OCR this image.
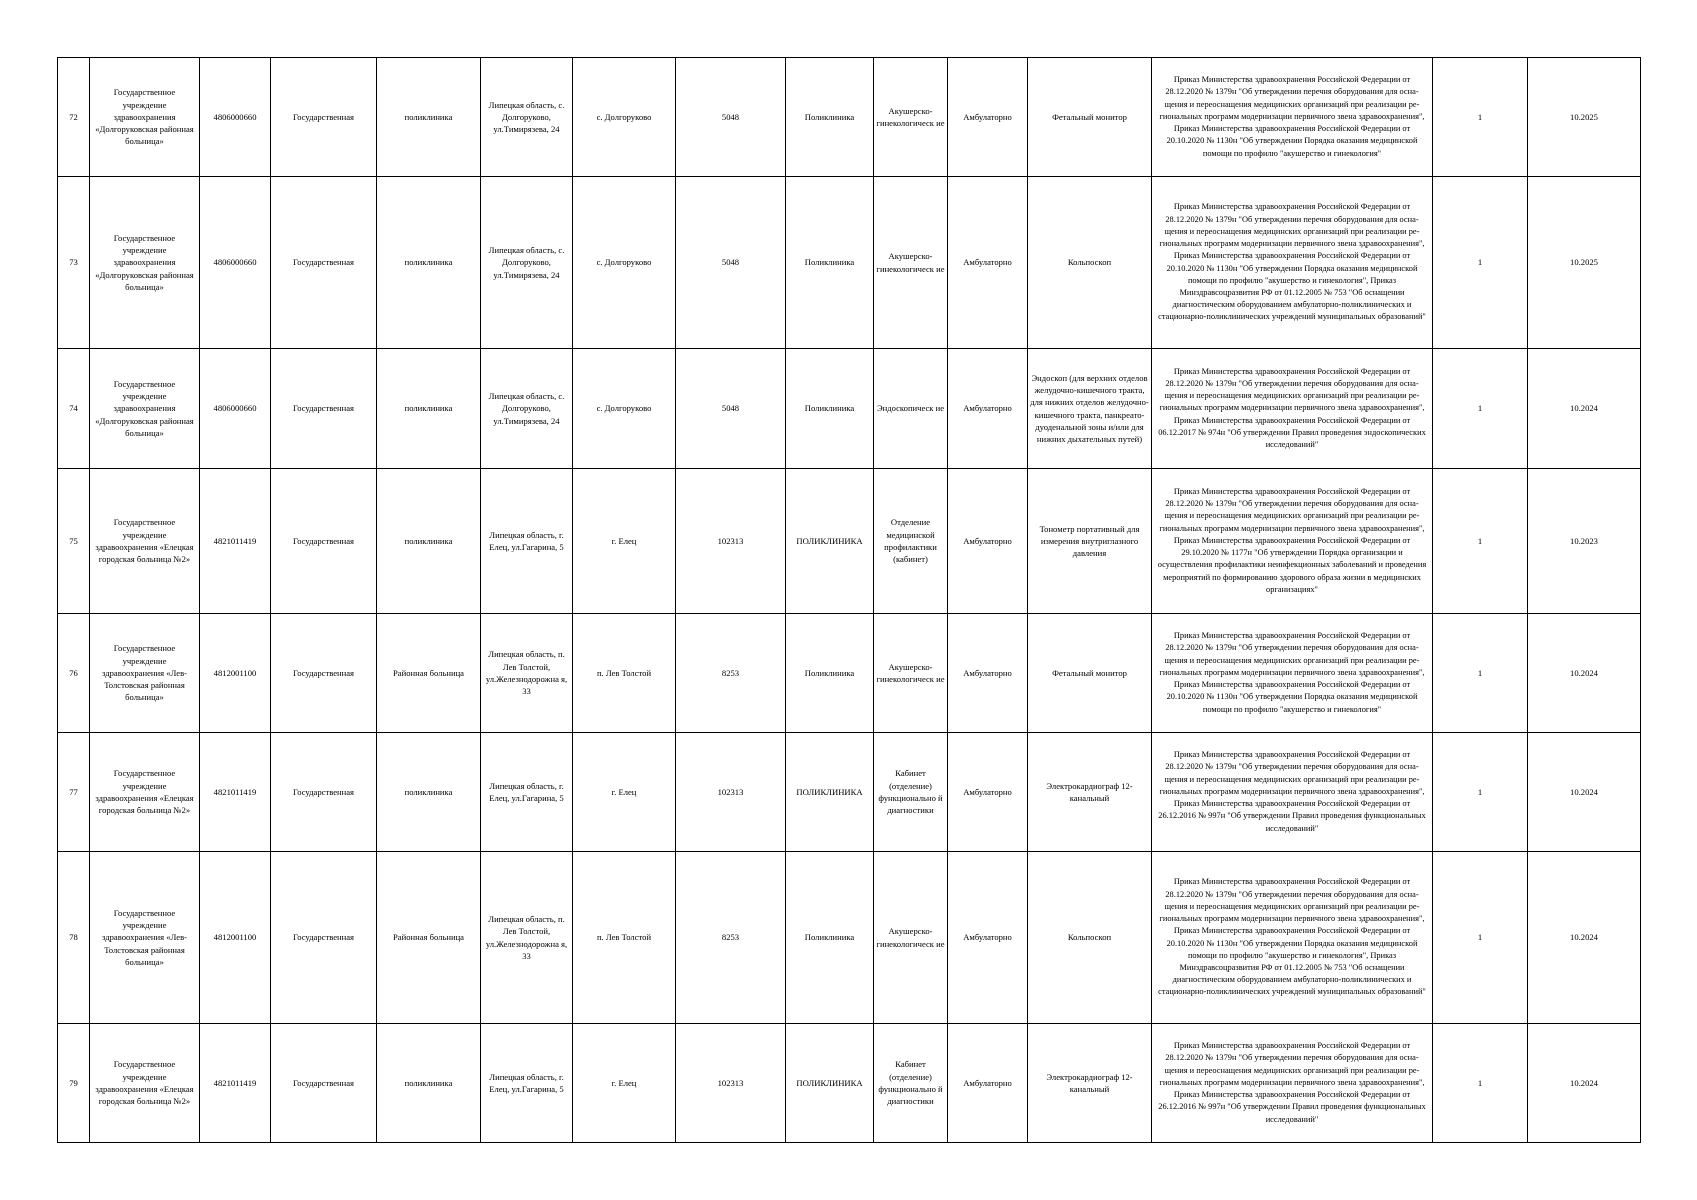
72	Государственное учреждение здравоохранения «Долгоруковская районная больница»	4806000660	Государственная	поликлиника	Липецкая область, с. Долгоруково, ул.Тимирязева, 24	с. Долгоруково	5048	Поликлиника	Акушерско-гинекологическ ие	Амбулаторно	Фетальный монитор	Приказ Министерства здравоохранения Российской Федерации от 28.12.2020 № 1379н "Об утверждении перечня оборудования для осна-щения и переоснащения медицинских организаций при реализации ре-гиональных программ модернизации первичного звена здравоохранения", Приказ Министерства здравоохранения Российской Федерации от 20.10.2020 № 1130н "Об утверждении Порядка оказания медицинской помощи по профилю "акушерство и гинекология"	1	10.2025
73	Государственное учреждение здравоохранения «Долгоруковская районная больница»	4806000660	Государственная	поликлиника	Липецкая область, с. Долгоруково, ул.Тимирязева, 24	с. Долгоруково	5048	Поликлиника	Акушерско-гинекологическ ие	Амбулаторно	Кольпоскоп	Приказ Министерства здравоохранения Российской Федерации от 28.12.2020 № 1379н "Об утверждении перечня оборудования для осна-щения и переоснащения медицинских организаций при реализации ре-гиональных программ модернизации первичного звена здравоохранения", Приказ Министерства здравоохранения Российской Федерации от 20.10.2020 № 1130н "Об утверждении Порядка оказания медицинской помощи по профилю "акушерство и гинекология", Приказ Минздравсоцразвития РФ от 01.12.2005 № 753 "Об оснащении диагностическим оборудованием амбулаторно-поликлинических и стационарно-поликлинических учреждений муниципальных образований"	1	10.2025
74	Государственное учреждение здравоохранения «Долгоруковская районная больница»	4806000660	Государственная	поликлиника	Липецкая область, с. Долгоруково, ул.Тимирязева, 24	с. Долгоруково	5048	Поликлиника	Эндоскопическ ие	Амбулаторно	Эндоскоп (для верхних отделов желудочно-кишечного тракта, для нижних отделов желудочно-кишечного тракта, панкреато-дуоденальной зоны и/или для нижних дыхательных путей)	Приказ Министерства здравоохранения Российской Федерации от 28.12.2020 № 1379н "Об утверждении перечня оборудования для осна-щения и переоснащения медицинских организаций при реализации ре-гиональных программ модернизации первичного звена здравоохранения", Приказ Министерства здравоохранения Российской Федерации от 06.12.2017 № 974н "Об утверждении Правил проведения эндоскопических исследований"	1	10.2024
75	Государственное учреждение здравоохранения «Елецкая городская больница №2»	4821011419	Государственная	поликлиника	Липецкая область, г. Елец, ул.Гагарина, 5	г. Елец	102313	ПОЛИКЛИНИКА	Отделение медицинской профилактики (кабинет)	Амбулаторно	Тонометр портативный для измерения внутриглазного давления	Приказ Министерства здравоохранения Российской Федерации от 28.12.2020 № 1379н "Об утверждении перечня оборудования для осна-щения и переоснащения медицинских организаций при реализации ре-гиональных программ модернизации первичного звена здравоохранения", Приказ Министерства здравоохранения Российской Федерации от 29.10.2020 № 1177н "Об утверждении Порядка организации и осуществления профилактики неинфекционных заболеваний и проведения мероприятий по формированию здорового образа жизни в медицинских организациях"	1	10.2023
76	Государственное учреждение здравоохранения «Лев-Толстовская районная больница»	4812001100	Государственная	Районная больница	Липецкая область, п. Лев Толстой, ул.Железнодорожна я, 33	п. Лев Толстой	8253	Поликлиника	Акушерско-гинекологическ ие	Амбулаторно	Фетальный монитор	Приказ Министерства здравоохранения Российской Федерации от 28.12.2020 № 1379н "Об утверждении перечня оборудования для осна-щения и переоснащения медицинских организаций при реализации ре-гиональных программ модернизации первичного звена здравоохранения", Приказ Министерства здравоохранения Российской Федерации от 20.10.2020 № 1130н "Об утверждении Порядка оказания медицинской помощи по профилю "акушерство и гинекология"	1	10.2024
77	Государственное учреждение здравоохранения «Елецкая городская больница №2»	4821011419	Государственная	поликлиника	Липецкая область, г. Елец, ул.Гагарина, 5	г. Елец	102313	ПОЛИКЛИНИКА	Кабинет (отделение) функционально й диагностики	Амбулаторно	Электрокардиограф 12-канальный	Приказ Министерства здравоохранения Российской Федерации от 28.12.2020 № 1379н "Об утверждении перечня оборудования для осна-щения и переоснащения медицинских организаций при реализации ре-гиональных программ модернизации первичного звена здравоохранения", Приказ Министерства здравоохранения Российской Федерации от 26.12.2016 № 997н "Об утверждении Правил проведения функциональных исследований"	1	10.2024
78	Государственное учреждение здравоохранения «Лев-Толстовская районная больница»	4812001100	Государственная	Районная больница	Липецкая область, п. Лев Толстой, ул.Железнодорожна я, 33	п. Лев Толстой	8253	Поликлиника	Акушерско-гинекологическ ие	Амбулаторно	Кольпоскоп	Приказ Министерства здравоохранения Российской Федерации от 28.12.2020 № 1379н "Об утверждении перечня оборудования для осна-щения и переоснащения медицинских организаций при реализации ре-гиональных программ модернизации первичного звена здравоохранения", Приказ Министерства здравоохранения Российской Федерации от 20.10.2020 № 1130н "Об утверждении Порядка оказания медицинской помощи по профилю "акушерство и гинекология", Приказ Минздравсоцразвития РФ от 01.12.2005 № 753 "Об оснащении диагностическим оборудованием амбулаторно-поликлинических и стационарно-поликлинических учреждений муниципальных образований"	1	10.2024
79	Государственное учреждение здравоохранения «Елецкая городская больница №2»	4821011419	Государственная	поликлиника	Липецкая область, г. Елец, ул.Гагарина, 5	г. Елец	102313	ПОЛИКЛИНИКА	Кабинет (отделение) функционально й диагностики	Амбулаторно	Электрокардиограф 12-канальный	Приказ Министерства здравоохранения Российской Федерации от 28.12.2020 № 1379н "Об утверждении перечня оборудования для осна-щения и переоснащения медицинских организаций при реализации ре-гиональных программ модернизации первичного звена здравоохранения", Приказ Министерства здравоохранения Российской Федерации от 26.12.2016 № 997н "Об утверждении Правил проведения функциональных исследований"	1	10.2024
